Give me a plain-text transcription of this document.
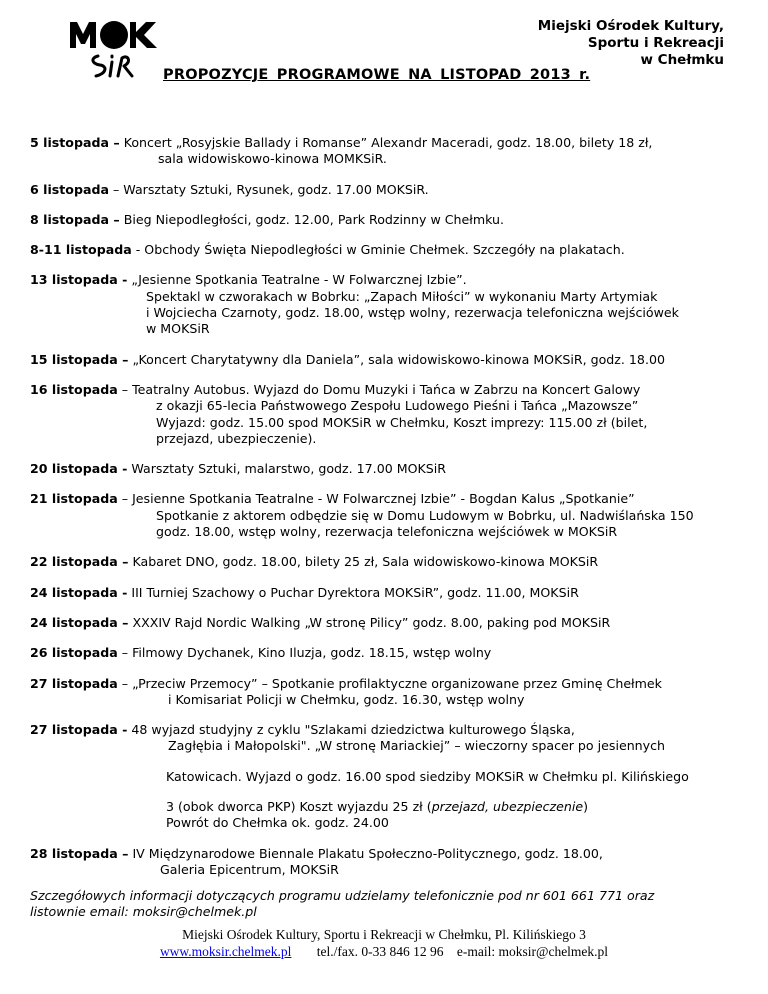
Miejski Ośrodek Kultury,
Sportu i Rekreacji
w Chełmku
PROPOZYCJE PROGRAMOWE NA LISTOPAD 2013 r.
5 listopada – Koncert „Rosyjskie Ballady i Romanse” Alexandr Maceradi, godz. 18.00, bilety 18 zł,
sala widowiskowo-kinowa MOMKSiR.
6 listopada – Warsztaty Sztuki, Rysunek, godz. 17.00 MOKSiR.
8 listopada – Bieg Niepodległości, godz. 12.00, Park Rodzinny w Chełmku.
8-11 listopada - Obchody Święta Niepodległości w Gminie Chełmek. Szczegóły na plakatach.
13 listopada - „Jesienne Spotkania Teatralne - W Folwarcznej Izbie”.
Spektakl w czworakach w Bobrku: „Zapach Miłości” w wykonaniu Marty Artymiak
i Wojciecha Czarnoty, godz. 18.00, wstęp wolny, rezerwacja telefoniczna wejściówek
w MOKSiR
15 listopada – „Koncert Charytatywny dla Daniela”, sala widowiskowo-kinowa MOKSiR, godz. 18.00
16 listopada – Teatralny Autobus. Wyjazd do Domu Muzyki i Tańca w Zabrzu na Koncert Galowy
z okazji 65-lecia Państwowego Zespołu Ludowego Pieśni i Tańca „Mazowsze”
Wyjazd: godz. 15.00 spod MOKSiR w Chełmku, Koszt imprezy: 115.00 zł (bilet,
przejazd, ubezpieczenie).
20 listopada - Warsztaty Sztuki, malarstwo, godz. 17.00 MOKSiR
21 listopada – Jesienne Spotkania Teatralne - W Folwarcznej Izbie” - Bogdan Kalus „Spotkanie”
Spotkanie z aktorem odbędzie się w Domu Ludowym w Bobrku, ul. Nadwiślańska 150
godz. 18.00, wstęp wolny, rezerwacja telefoniczna wejściówek w MOKSiR
22 listopada – Kabaret DNO, godz. 18.00, bilety 25 zł, Sala widowiskowo-kinowa MOKSiR
24 listopada - III Turniej Szachowy o Puchar Dyrektora MOKSiR”, godz. 11.00, MOKSiR
24 listopada – XXXIV Rajd Nordic Walking „W stronę Pilicy” godz. 8.00, paking pod MOKSiR
26 listopada – Filmowy Dychanek, Kino Iluzja, godz. 18.15, wstęp wolny
27 listopada – „Przeciw Przemocy” – Spotkanie profilaktyczne organizowane przez Gminę Chełmek
i Komisariat Policji w Chełmku, godz. 16.30, wstęp wolny
27 listopada - 48 wyjazd studyjny z cyklu "Szlakami dziedzictwa kulturowego Śląska,
Zagłębia i Małopolski". „W stronę Mariackiej” – wieczorny spacer po jesiennych
Katowicach. Wyjazd o godz. 16.00 spod siedziby MOKSiR w Chełmku pl. Kilińskiego
3 (obok dworca PKP) Koszt wyjazdu 25 zł (przejazd, ubezpieczenie)
Powrót do Chełmka ok. godz. 24.00
28 listopada – IV Międzynarodowe Biennale Plakatu Społeczno-Politycznego, godz. 18.00,
Galeria Epicentrum, MOKSiR
Szczegółowych informacji dotyczących programu udzielamy telefonicznie pod nr 601 661 771 oraz
listownie email: moksir@chelmek.pl
Miejski Ośrodek Kultury, Sportu i Rekreacji w Chełmku, Pl. Kilińskiego 3
www.moksir.chelmek.pl tel./fax. 0-33 846 12 96 e-mail: moksir@chelmek.pl
